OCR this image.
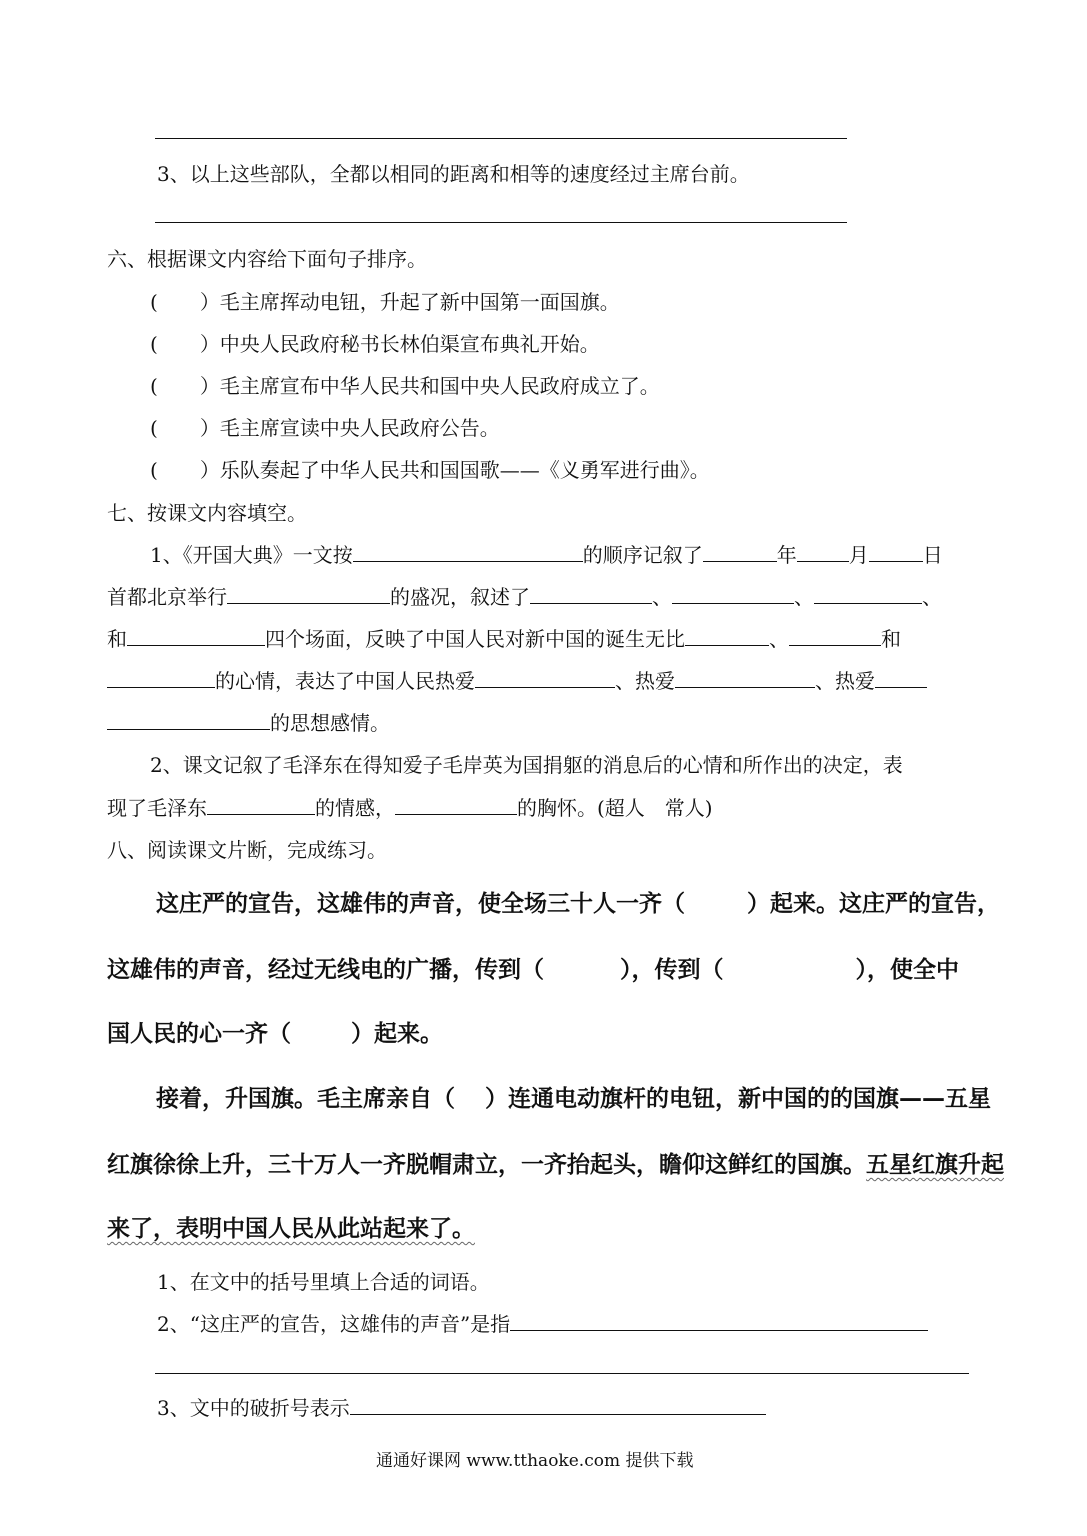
3、以上这些部队，全都以相同的距离和相等的速度经过主席台前。
六、根据课文内容给下面句子排序。
( ）毛主席挥动电钮，升起了新中国第一面国旗。
( ）中央人民政府秘书长林伯渠宣布典礼开始。
( ）毛主席宣布中华人民共和国中央人民政府成立了。
( ）毛主席宣读中央人民政府公告。
( ）乐队奏起了中华人民共和国国歌——《义勇军进行曲》。
七、按课文内容填空。
1、《开国大典》一文按	的顺序记叙了	年	月	日
首都北京举行	的盛况，叙述了	、	、	、
和	四个场面，反映了中国人民对新中国的诞生无比	、	和
的心情，表达了中国人民热爱	、热爱	、热爱
的思想感情。
2、课文记叙了毛泽东在得知爱子毛岸英为国捐躯的消息后的心情和所作出的决定，表
现了毛泽东	的情感，	的胸怀。(超人　常人)
八、阅读课文片断，完成练习。
这庄严的宣告，这雄伟的声音，使全场三十人一齐（	）起来。这庄严的宣告，
这雄伟的声音，经过无线电的广播，传到（	），传到（	），使全中
国人民的心一齐（	）起来。
接着，升国旗。毛主席亲自（ ）连通电动旗杆的电钮，新中国的的国旗——五星
红旗徐徐上升，三十万人一齐脱帽肃立，一齐抬起头，瞻仰这鲜红的国旗。五星红旗升起
来了，表明中国人民从此站起来了。
1、在文中的括号里填上合适的词语。
2、“这庄严的宣告，这雄伟的声音”是指
3、文中的破折号表示
通通好课网 www.tthaoke.com 提供下载
